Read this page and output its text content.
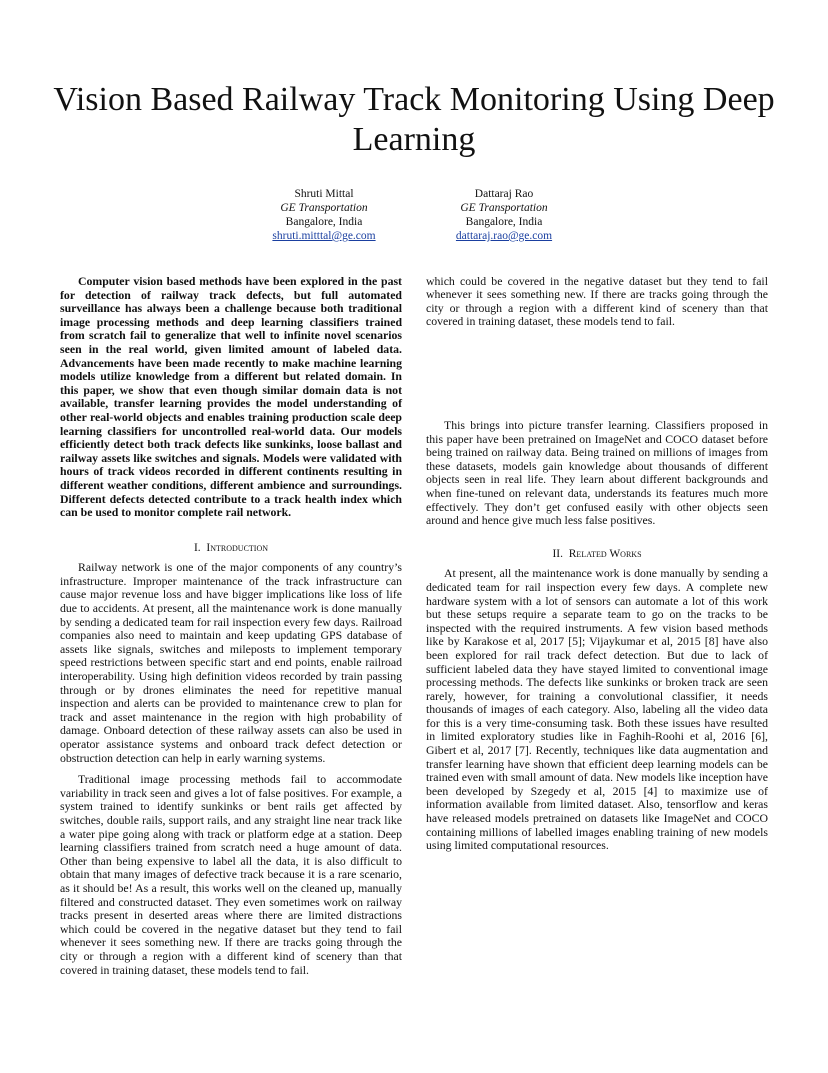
Vision Based Railway Track Monitoring Using Deep Learning
Shruti Mittal
GE Transportation
Bangalore, India
shruti.mitttal@ge.com
Dattaraj Rao
GE Transportation
Bangalore, India
dattaraj.rao@ge.com

Computer vision based methods have been explored in the past for detection of railway track defects, but full automated surveillance has always been a challenge because both traditional image processing methods and deep learning classifiers trained from scratch fail to generalize that well to infinite novel scenarios seen in the real world, given limited amount of labeled data. Advancements have been made recently to make machine learning models utilize knowledge from a different but related domain. In this paper, we show that even though similar domain data is not available, transfer learning provides the model understanding of other real-world objects and enables training production scale deep learning classifiers for uncontrolled real-world data. Our models efficiently detect both track defects like sunkinks, loose ballast and railway assets like switches and signals. Models were validated with hours of track videos recorded in different continents resulting in different weather conditions, different ambience and surroundings. Different defects detected contribute to a track health index which can be used to monitor complete rail network.

I. Introduction

Railway network is one of the major components of any country’s infrastructure. Improper maintenance of the track infrastructure can cause major revenue loss and have bigger implications like loss of life due to accidents. At present, all the maintenance work is done manually by sending a dedicated team for rail inspection every few days. Railroad companies also need to maintain and keep updating GPS database of assets like signals, switches and mileposts to implement temporary speed restrictions between specific start and end points, enable railroad interoperability. Using high definition videos recorded by train passing through or by drones eliminates the need for repetitive manual inspection and alerts can be provided to maintenance crew to plan for track and asset maintenance in the region with high probability of damage. Onboard detection of these railway assets can also be used in operator assistance systems and onboard track defect detection or obstruction detection can help in early warning systems.

Traditional image processing methods fail to accommodate variability in track seen and gives a lot of false positives. For example, a system trained to identify sunkinks or bent rails get affected by switches, double rails, support rails, and any straight line near track like a water pipe going along with track or platform edge at a station. Deep learning classifiers trained from scratch need a huge amount of data. Other than being expensive to label all the data, it is also difficult to obtain that many images of defective track because it is a rare scenario, as it should be! As a result, this works well on the cleaned up, manually filtered and constructed dataset. They even sometimes work on railway tracks present in deserted areas where there are limited distractions which could be covered in the negative dataset but they tend to fail whenever it sees something new. If there are tracks going through the city or through a region with a different kind of scenery than that covered in training dataset, these models tend to fail.

which could be covered in the negative dataset but they tend to fail whenever it sees something new. If there are tracks going through the city or through a region with a different kind of scenery than that covered in training dataset, these models tend to fail.

This brings into picture transfer learning. Classifiers proposed in this paper have been pretrained on ImageNet and COCO dataset before being trained on railway data. Being trained on millions of images from these datasets, models gain knowledge about thousands of different objects seen in real life. They learn about different backgrounds and when fine-tuned on relevant data, understands its features much more effectively. They don’t get confused easily with other objects seen around and hence give much less false positives.

II. Related Works

At present, all the maintenance work is done manually by sending a dedicated team for rail inspection every few days. A complete new hardware system with a lot of sensors can automate a lot of this work but these setups require a separate team to go on the tracks to be inspected with the required instruments. A few vision based methods like by Karakose et al, 2017 [5]; Vijaykumar et al, 2015 [8] have also been explored for rail track defect detection. But due to lack of sufficient labeled data they have stayed limited to conventional image processing methods. The defects like sunkinks or broken track are seen rarely, however, for training a convolutional classifier, it needs thousands of images of each category. Also, labeling all the video data for this is a very time-consuming task. Both these issues have resulted in limited exploratory studies like in Faghih-Roohi et al, 2016 [6], Gibert et al, 2017 [7]. Recently, techniques like data augmentation and transfer learning have shown that efficient deep learning models can be trained even with small amount of data. New models like inception have been developed by Szegedy et al, 2015 [4] to maximize use of information available from limited dataset. Also, tensorflow and keras have released models pretrained on datasets like ImageNet and COCO containing millions of labelled images enabling training of new models using limited computational resources.
